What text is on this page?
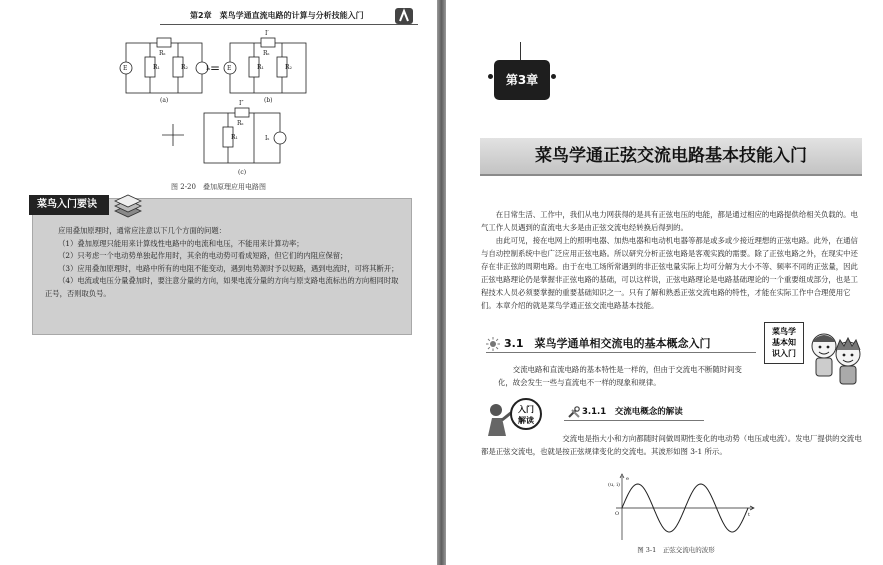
第2章　菜鸟学通直流电路的计算与分析技能入门
E	R₁	R₂
Rₛ
Iₛ
(a)
= E	R₁	R₂
Rₛ
I′
(b)
R₁
Rₛ
I″
Iₛ
(c)
图 2-20　叠加原理应用电路图
菜鸟入门要诀

应用叠加原理时，通常应注意以下几个方面的问题：

（1）叠加原理只能用来计算线性电路中的电流和电压，不能用来计算功率；

（2）只考虑一个电动势单独起作用时，其余的电动势可看成短路，但它们的内阻应保留；

（3）应用叠加原理时，电路中所有的电阻不能变动，遇到电势源时予以短路，遇到电流时，可将其断开；

（4）电流或电压分量叠加时，要注意分量的方向，如果电流分量的方向与原支路电流标出的方向相同时取正号，否则取负号。

第3章
菜鸟学通正弦交流电路基本技能入门

在日常生活、工作中，我们从电力网获得的是具有正弦电压的电能，都是通过相应的电路提供给相关负载的。电气工作人员遇到的直流电大多是由正弦交流电经转换后得到的。

由此可见，接在电网上的照明电器、加热电器和电动机电器等都是或多或少接近理想的正弦电路。此外，在通信与自动控制系统中也广泛应用正弦电路。所以研究分析正弦电路是客观实践的需要。除了正弦电路之外，在现实中还存在非正弦的周期电路。由于在电工场所常遇到的非正弦电量实际上均可分解为大小不等、频率不同的正弦量，因此正弦电路理论仍是掌握非正弦电路的基础，可以这样说，正弦电路理论是电路基础理论的一个重要组成部分，也是工程技术人员必须要掌握的重要基础知识之一。只有了解和熟悉正弦交流电路的特性，才能在实际工作中合理使用它们。本章介绍的就是菜鸟学通正弦交流电路基本技能。

3.1　 菜鸟学通单相交流电的基本概念入门
菜鸟学
基本知
识入门

交流电路和直流电路的基本特性是一样的，但由于交流电不断随时间变化，故会发生一些与直流电不一样的现象和规律。

入门
解读
3.1.1　 交流电概念的解读

交流电是指大小和方向都随时间做周期性变化的电动势（电压或电流）。发电厂提供的交流电都是正弦交流电，也就是按正弦规律变化的交流电。其波形如图 3-1 所示。

e
(u, i)
O	t
图 3-1　正弦交流电的波形
